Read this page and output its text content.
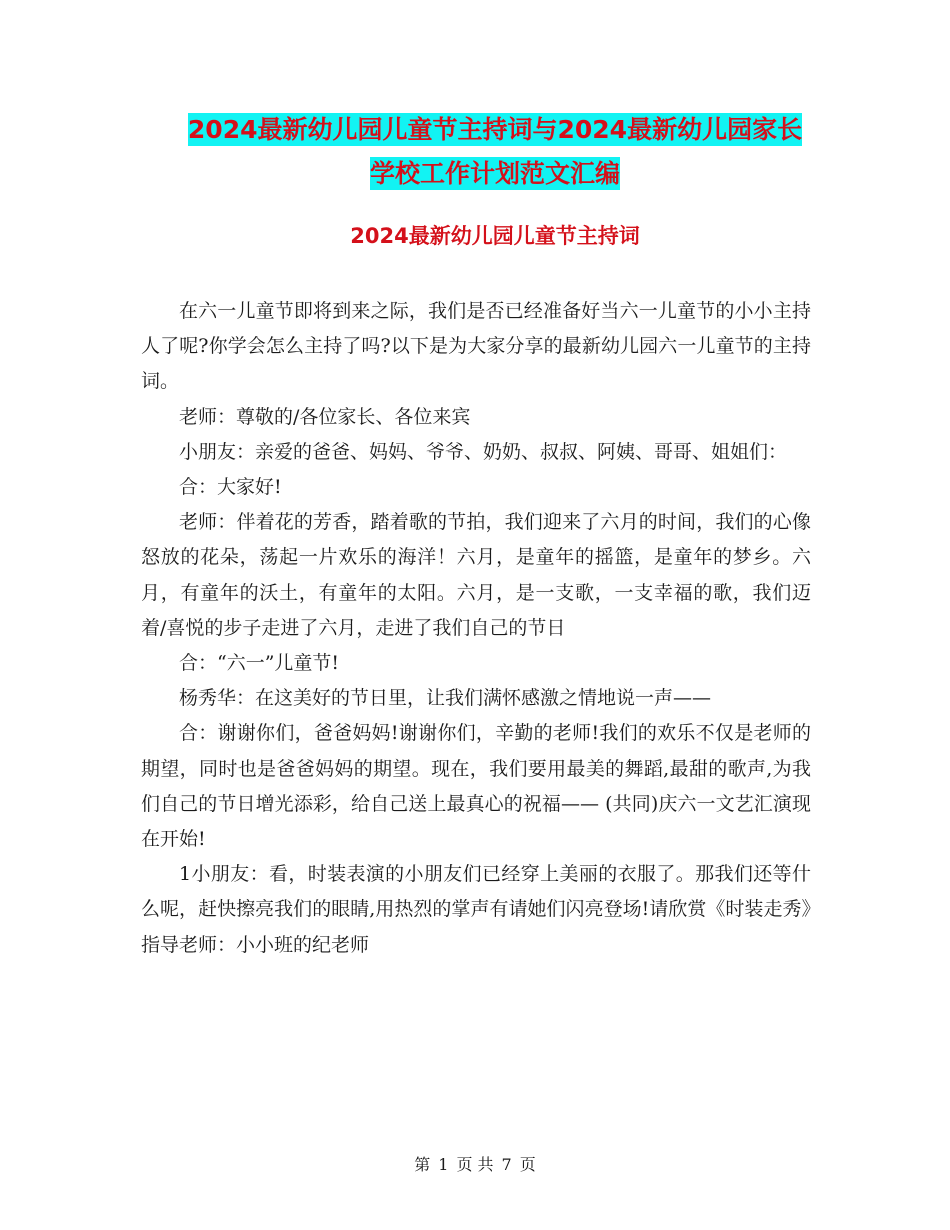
2024最新幼儿园儿童节主持词与2024最新幼儿园家长
学校工作计划范文汇编
2024最新幼儿园儿童节主持词

在六一儿童节即将到来之际，我们是否已经准备好当六一儿童节的小小主持人了呢?你学会怎么主持了吗?以下是为大家分享的最新幼儿园六一儿童节的主持词。

老师：尊敬的/各位家长、各位来宾

小朋友：亲爱的爸爸、妈妈、爷爷、奶奶、叔叔、阿姨、哥哥、姐姐们：

合：大家好!

老师：伴着花的芳香，踏着歌的节拍，我们迎来了六月的时间，我们的心像怒放的花朵，荡起一片欢乐的海洋！六月，是童年的摇篮，是童年的梦乡。六月，有童年的沃土，有童年的太阳。六月，是一支歌，一支幸福的歌，我们迈着/喜悦的步子走进了六月，走进了我们自己的节日

合：“六一”儿童节!

杨秀华：在这美好的节日里，让我们满怀感激之情地说一声——

合：谢谢你们，爸爸妈妈!谢谢你们，辛勤的老师!我们的欢乐不仅是老师的期望，同时也是爸爸妈妈的期望。现在，我们要用最美的舞蹈,最甜的歌声,为我们自己的节日增光添彩，给自己送上最真心的祝福—— (共同)庆六一文艺汇演现在开始!

1小朋友：看，时装表演的小朋友们已经穿上美丽的衣服了。那我们还等什么呢，赶快擦亮我们的眼睛,用热烈的掌声有请她们闪亮登场!请欣赏《时装走秀》指导老师：小小班的纪老师

第 1 页 共 7 页
